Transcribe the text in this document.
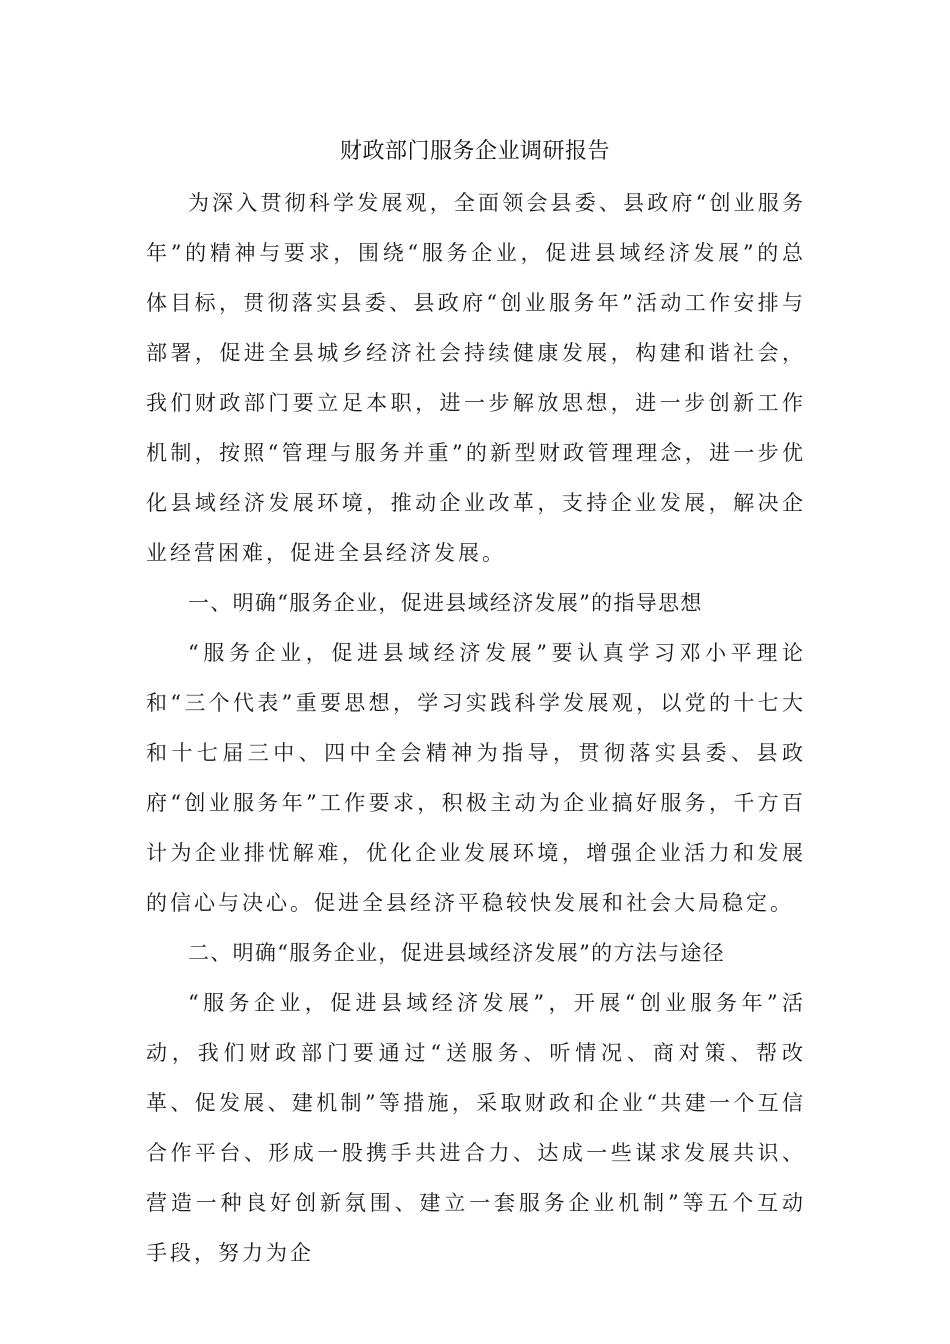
财政部门服务企业调研报告

为深入贯彻科学发展观，全面领会县委、县政府“创业服务年”的精神与要求，围绕“服务企业，促进县域经济发展”的总体目标，贯彻落实县委、县政府“创业服务年”活动工作安排与部署，促进全县城乡经济社会持续健康发展，构建和谐社会，我们财政部门要立足本职，进一步解放思想，进一步创新工作机制，按照“管理与服务并重”的新型财政管理理念，进一步优化县域经济发展环境，推动企业改革，支持企业发展，解决企业经营困难，促进全县经济发展。

一、明确“服务企业，促进县域经济发展”的指导思想

“服务企业，促进县域经济发展”要认真学习邓小平理论和“三个代表”重要思想，学习实践科学发展观，以党的十七大和十七届三中、四中全会精神为指导，贯彻落实县委、县政府“创业服务年”工作要求，积极主动为企业搞好服务，千方百计为企业排忧解难，优化企业发展环境，增强企业活力和发展的信心与决心。促进全县经济平稳较快发展和社会大局稳定。

二、明确“服务企业，促进县域经济发展”的方法与途径

“服务企业，促进县域经济发展”，开展“创业服务年”活动，我们财政部门要通过“送服务、听情况、商对策、帮改革、促发展、建机制”等措施，采取财政和企业“共建一个互信合作平台、形成一股携手共进合力、达成一些谋求发展共识、营造一种良好创新氛围、建立一套服务企业机制”等五个互动手段，努力为企
